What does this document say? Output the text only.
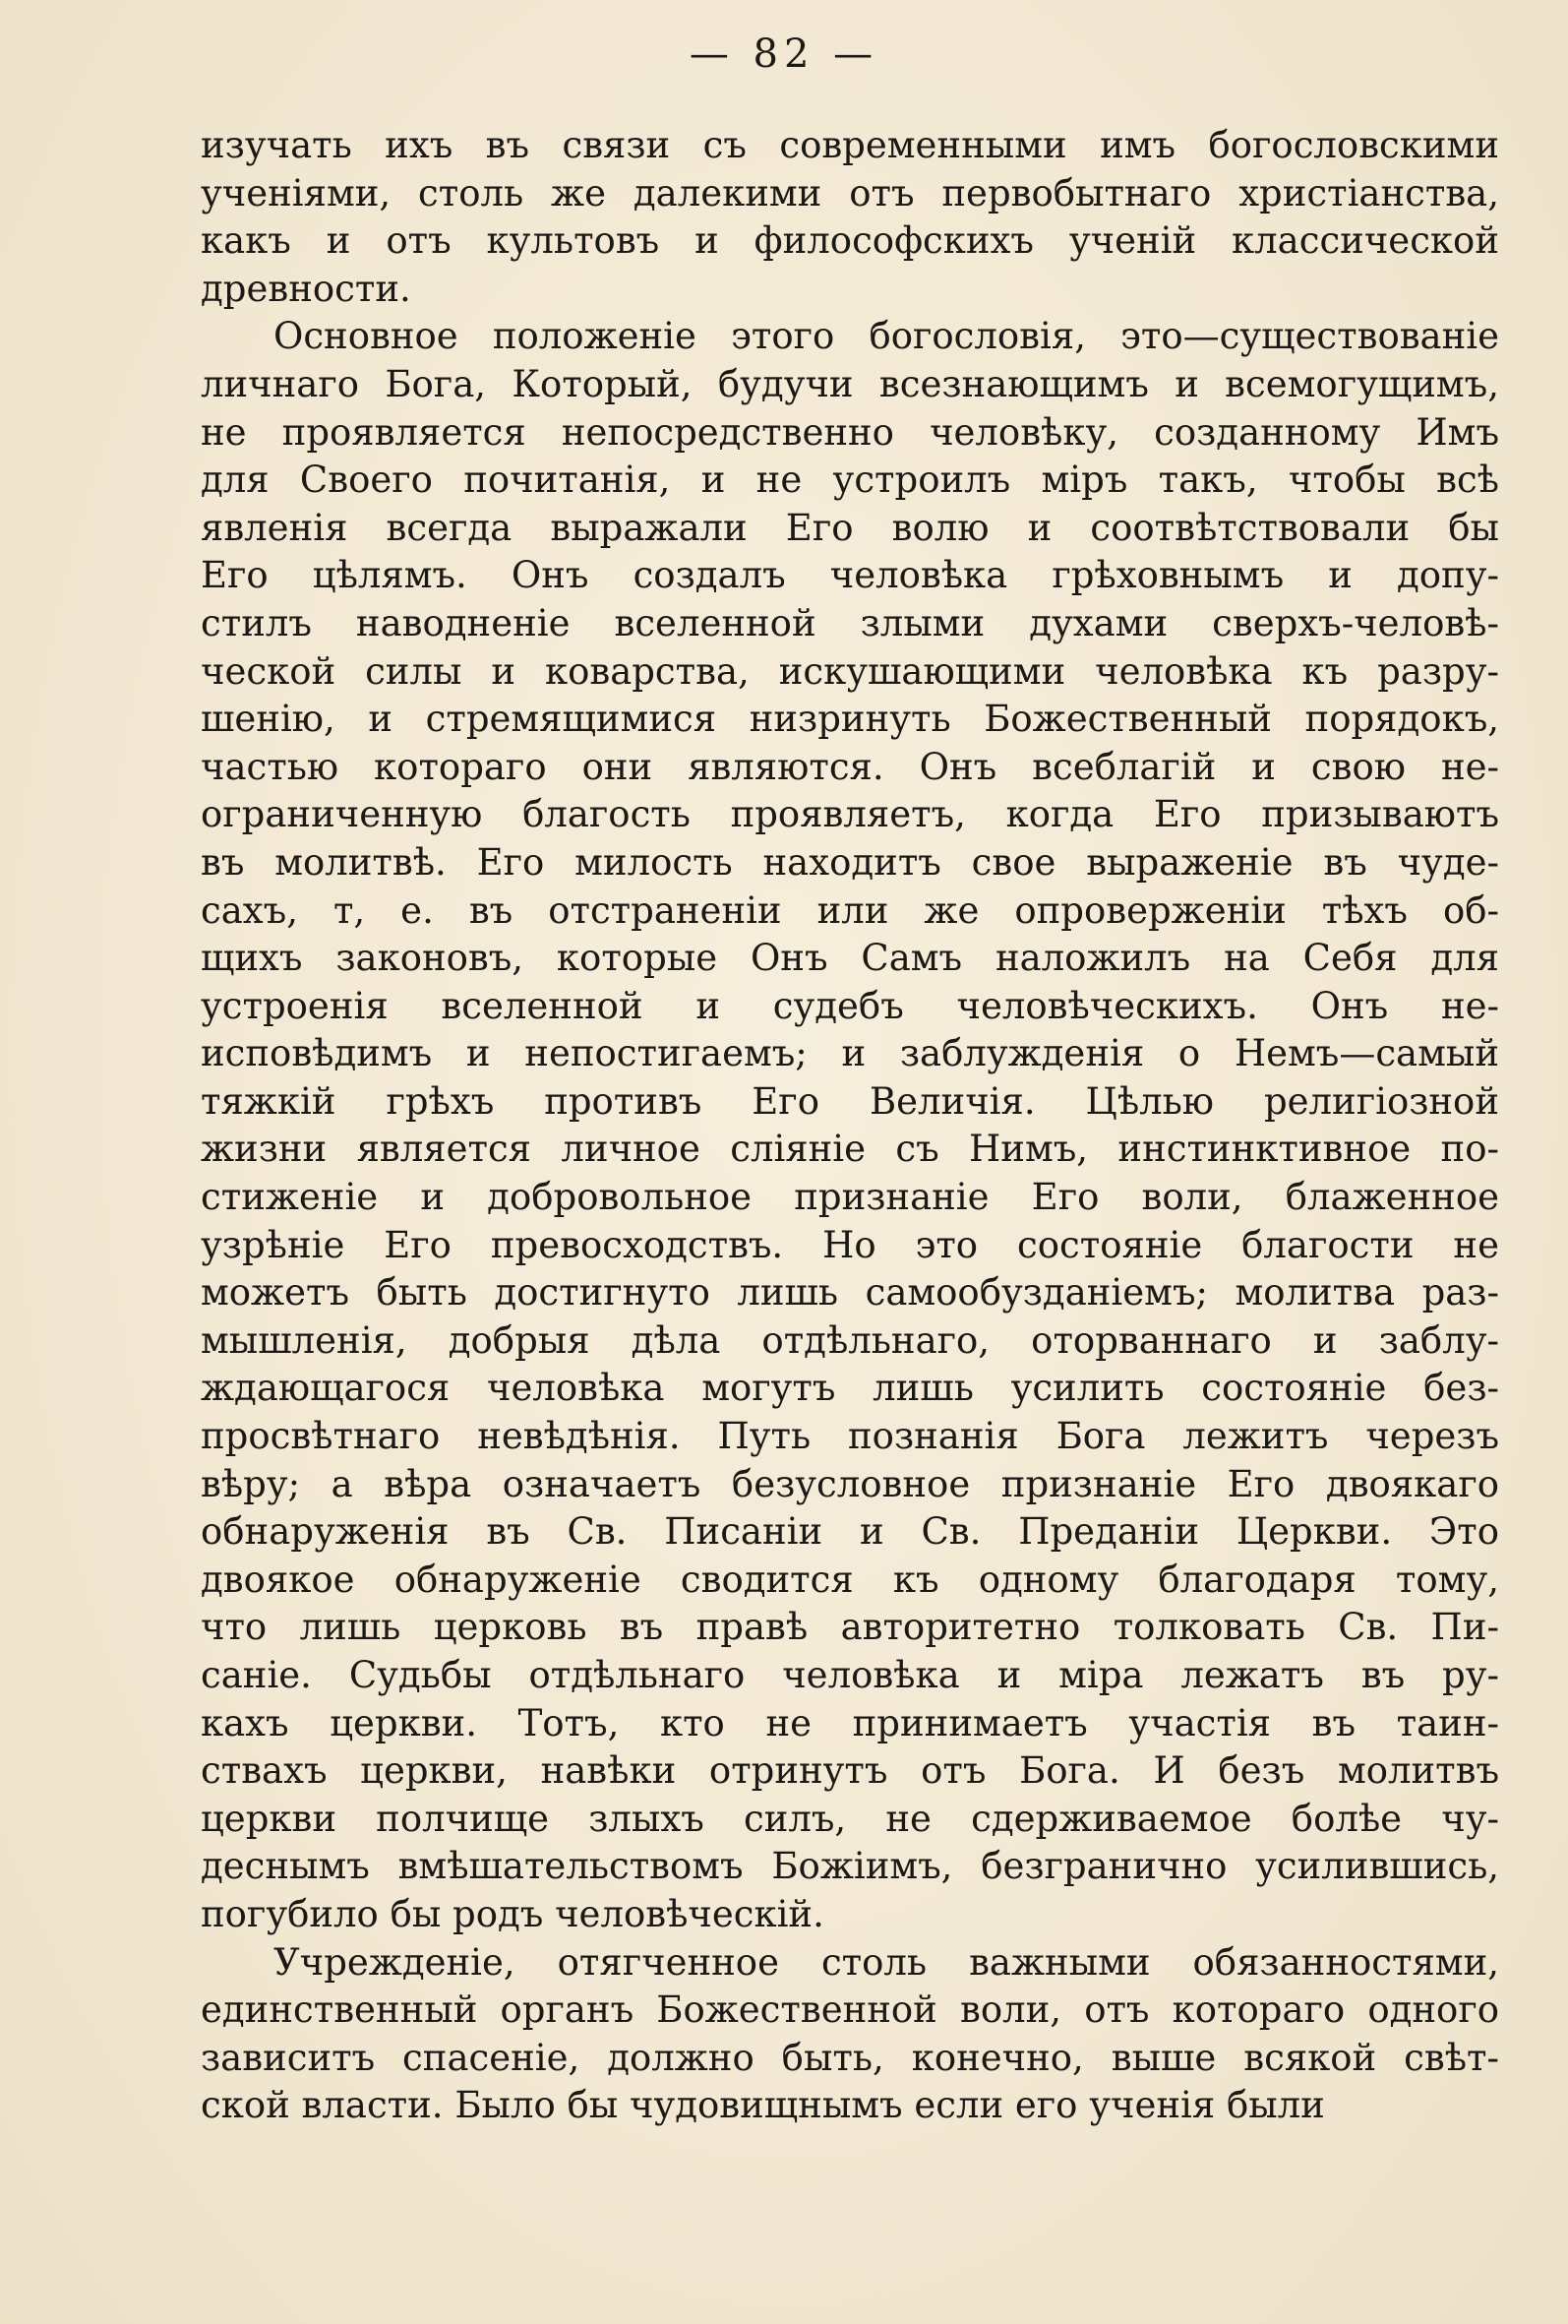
— 82 —
изучать ихъ въ связи съ современными имъ богословскими
ученіями, столь же далекими отъ первобытнаго христіанства,
какъ и отъ культовъ и философскихъ ученій классической
древности.
Основное положеніе этого богословія, это—существованіе
личнаго Бога, Который, будучи всезнающимъ и всемогущимъ,
не проявляется непосредственно человѣку, созданному Имъ
для Своего почитанія, и не устроилъ міръ такъ, чтобы всѣ
явленія всегда выражали Его волю и соотвѣтствовали бы
Его цѣлямъ. Онъ создалъ человѣка грѣховнымъ и допу-
стилъ наводненіе вселенной злыми духами сверхъ-человѣ-
ческой силы и коварства, искушающими человѣка къ разру-
шенію, и стремящимися низринуть Божественный порядокъ,
частью котораго они являются. Онъ всеблагій и свою не-
ограниченную благость проявляетъ, когда Его призываютъ
въ молитвѣ. Его милость находитъ свое выраженіе въ чуде-
сахъ, т, е. въ отстраненіи или же опроверженіи тѣхъ об-
щихъ законовъ, которые Онъ Самъ наложилъ на Себя для
устроенія вселенной и судебъ человѣческихъ. Онъ не-
исповѣдимъ и непостигаемъ; и заблужденія о Немъ—самый
тяжкій грѣхъ противъ Его Величія. Цѣлью религіозной
жизни является личное сліяніе съ Нимъ, инстинктивное по-
стиженіе и добровольное признаніе Его воли, блаженное
узрѣніе Его превосходствъ. Но это состояніе благости не
можетъ быть достигнуто лишь самообузданіемъ; молитва раз-
мышленія, добрыя дѣла отдѣльнаго, оторваннаго и заблу-
ждающагося человѣка могутъ лишь усилить состояніе без-
просвѣтнаго невѣдѣнія. Путь познанія Бога лежитъ черезъ
вѣру; а вѣра означаетъ безусловное признаніе Его двоякаго
обнаруженія въ Св. Писаніи и Св. Преданіи Церкви. Это
двоякое обнаруженіе сводится къ одному благодаря тому,
что лишь церковь въ правѣ авторитетно толковать Св. Пи-
саніе. Судьбы отдѣльнаго человѣка и міра лежатъ въ ру-
кахъ церкви. Тотъ, кто не принимаетъ участія въ таин-
ствахъ церкви, навѣки отринутъ отъ Бога. И безъ молитвъ
церкви полчище злыхъ силъ, не сдерживаемое болѣе чу-
деснымъ вмѣшательствомъ Божіимъ, безгранично усилившись,
погубило бы родъ человѣческій.
Учрежденіе, отягченное столь важными обязанностями,
единственный органъ Божественной воли, отъ котораго одного
зависитъ спасеніе, должно быть, конечно, выше всякой свѣт-
ской власти. Было бы чудовищнымъ если его ученія были
